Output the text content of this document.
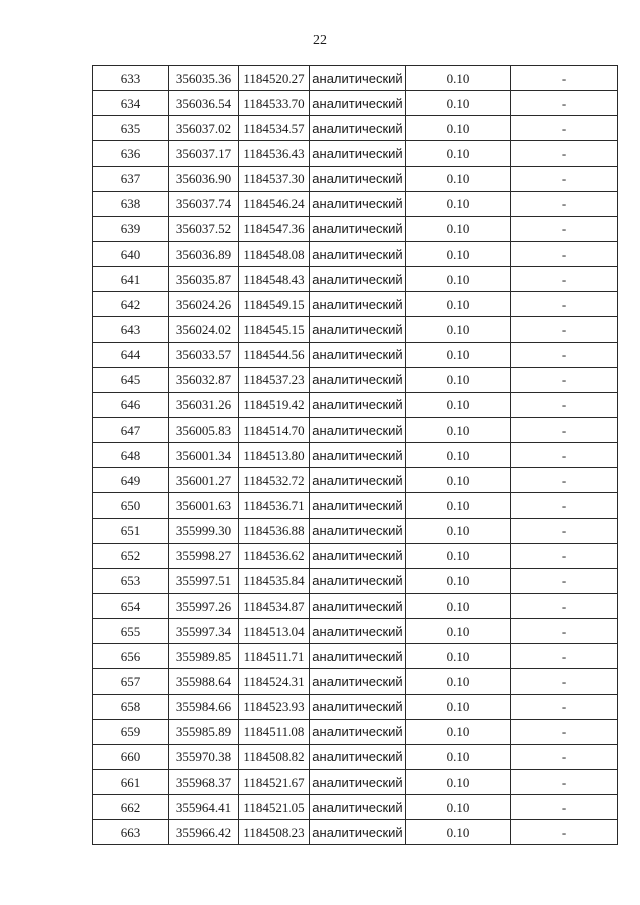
22
633	356035.36	1184520.27	аналитический	0.10	-
634	356036.54	1184533.70	аналитический	0.10	-
635	356037.02	1184534.57	аналитический	0.10	-
636	356037.17	1184536.43	аналитический	0.10	-
637	356036.90	1184537.30	аналитический	0.10	-
638	356037.74	1184546.24	аналитический	0.10	-
639	356037.52	1184547.36	аналитический	0.10	-
640	356036.89	1184548.08	аналитический	0.10	-
641	356035.87	1184548.43	аналитический	0.10	-
642	356024.26	1184549.15	аналитический	0.10	-
643	356024.02	1184545.15	аналитический	0.10	-
644	356033.57	1184544.56	аналитический	0.10	-
645	356032.87	1184537.23	аналитический	0.10	-
646	356031.26	1184519.42	аналитический	0.10	-
647	356005.83	1184514.70	аналитический	0.10	-
648	356001.34	1184513.80	аналитический	0.10	-
649	356001.27	1184532.72	аналитический	0.10	-
650	356001.63	1184536.71	аналитический	0.10	-
651	355999.30	1184536.88	аналитический	0.10	-
652	355998.27	1184536.62	аналитический	0.10	-
653	355997.51	1184535.84	аналитический	0.10	-
654	355997.26	1184534.87	аналитический	0.10	-
655	355997.34	1184513.04	аналитический	0.10	-
656	355989.85	1184511.71	аналитический	0.10	-
657	355988.64	1184524.31	аналитический	0.10	-
658	355984.66	1184523.93	аналитический	0.10	-
659	355985.89	1184511.08	аналитический	0.10	-
660	355970.38	1184508.82	аналитический	0.10	-
661	355968.37	1184521.67	аналитический	0.10	-
662	355964.41	1184521.05	аналитический	0.10	-
663	355966.42	1184508.23	аналитический	0.10	-
